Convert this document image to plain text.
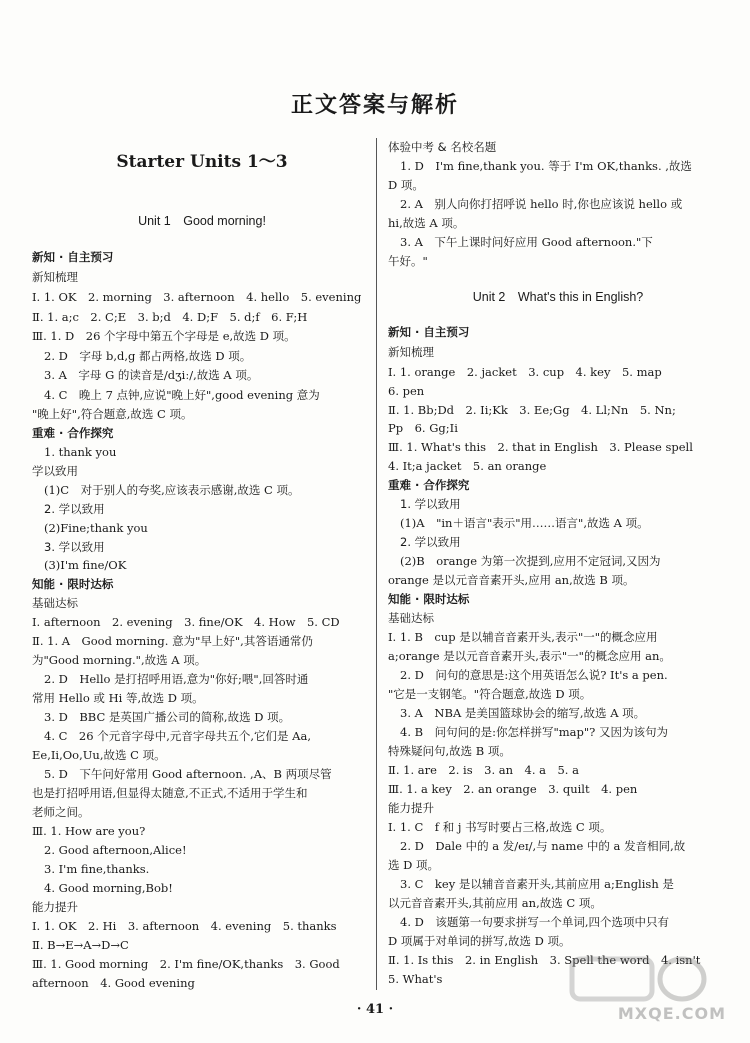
正文答案与解析
Starter Units 1～3
Unit 1　Good morning!
新知 · 自主预习
新知梳理
Ⅰ. 1. OK　2. morning　3. afternoon　4. hello　5. evening
Ⅱ. 1. a;c　2. C;E　3. b;d　4. D;F　5. d;f　6. F;H
Ⅲ. 1. D　26 个字母中第五个字母是 e,故选 D 项。
2. D　字母 b,d,g 都占两格,故选 D 项。
3. A　字母 G 的读音是/dʒiː/,故选 A 项。
4. C　晚上 7 点钟,应说"晚上好",good evening 意为
"晚上好",符合题意,故选 C 项。
重难 · 合作探究
1. thank you
学以致用
(1)C　对于别人的夸奖,应该表示感谢,故选 C 项。
2. 学以致用
(2)Fine;thank you
3. 学以致用
(3)I'm fine/OK
知能 · 限时达标
基础达标
Ⅰ. afternoon　2. evening　3. fine/OK　4. How　5. CD
Ⅱ. 1. A　Good morning. 意为"早上好",其答语通常仍
为"Good morning.",故选 A 项。
2. D　Hello 是打招呼用语,意为"你好;喂",回答时通
常用 Hello 或 Hi 等,故选 D 项。
3. D　BBC 是英国广播公司的简称,故选 D 项。
4. C　26 个元音字母中,元音字母共五个,它们是 Aa,
Ee,Ii,Oo,Uu,故选 C 项。
5. D　下午问好常用 Good afternoon. ,A、B 两项尽管
也是打招呼用语,但显得太随意,不正式,不适用于学生和
老师之间。
Ⅲ. 1. How are you?
2. Good afternoon,Alice!
3. I'm fine,thanks.
4. Good morning,Bob!
能力提升
Ⅰ. 1. OK　2. Hi　3. afternoon　4. evening　5. thanks
Ⅱ. B→E→A→D→C
Ⅲ. 1. Good morning　2. I'm fine/OK,thanks　3. Good
afternoon　4. Good evening
体验中考 & 名校名题
1. D　I'm fine,thank you. 等于 I'm OK,thanks. ,故选
D 项。
2. A　别人向你打招呼说 hello 时,你也应该说 hello 或
hi,故选 A 项。
3. A　下午上课时问好应用 Good afternoon."下
午好。"
Unit 2　What's this in English?
新知 · 自主预习
新知梳理
Ⅰ. 1. orange　2. jacket　3. cup　4. key　5. map
6. pen
Ⅱ. 1. Bb;Dd　2. Ii;Kk　3. Ee;Gg　4. Ll;Nn　5. Nn;
Pp　6. Gg;Ii
Ⅲ. 1. What's this　2. that in English　3. Please spell
4. It;a jacket　5. an orange
重难 · 合作探究
1. 学以致用
(1)A　"in＋语言"表示"用……语言",故选 A 项。
2. 学以致用
(2)B　orange 为第一次提到,应用不定冠词,又因为
orange 是以元音音素开头,应用 an,故选 B 项。
知能 · 限时达标
基础达标
Ⅰ. 1. B　cup 是以辅音音素开头,表示"一"的概念应用
a;orange 是以元音音素开头,表示"一"的概念应用 an。
2. D　问句的意思是:这个用英语怎么说? It's a pen.
"它是一支钢笔。"符合题意,故选 D 项。
3. A　NBA 是美国篮球协会的缩写,故选 A 项。
4. B　问句问的是:你怎样拼写"map"? 又因为该句为
特殊疑问句,故选 B 项。
Ⅱ. 1. are　2. is　3. an　4. a　5. a
Ⅲ. 1. a key　2. an orange　3. quilt　4. pen
能力提升
Ⅰ. 1. C　f 和 j 书写时要占三格,故选 C 项。
2. D　Dale 中的 a 发/eɪ/,与 name 中的 a 发音相同,故
选 D 项。
3. C　key 是以辅音音素开头,其前应用 a;English 是
以元音音素开头,其前应用 an,故选 C 项。
4. D　该题第一句要求拼写一个单词,四个选项中只有
D 项属于对单词的拼写,故选 D 项。
Ⅱ. 1. Is this　2. in English　3. Spell the word　4. isn't
5. What's
· 41 ·	MXQE.COM
